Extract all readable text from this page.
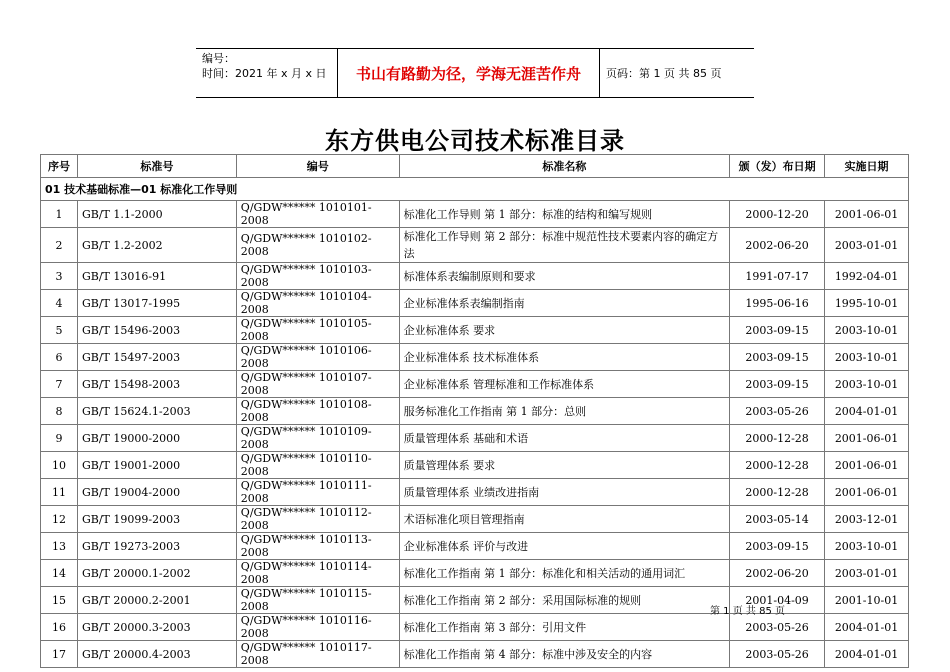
编号：
时间：2021 年 x 月 x 日	书山有路勤为径，学海无涯苦作舟	页码：第 1 页 共 85 页
东方供电公司技术标准目录
序号	标准号	编号	标准名称	颁（发）布日期	实施日期
01 技术基础标准—01 标准化工作导则					
1	GB/T 1.1-2000	Q/GDW****** 1010101-2008	标准化工作导则 第 1 部分：标准的结构和编写规则	2000-12-20	2001-06-01
2	GB/T 1.2-2002	Q/GDW****** 1010102-2008	标准化工作导则 第 2 部分：标准中规范性技术要素内容的确定方法	2002-06-20	2003-01-01
3	GB/T 13016-91	Q/GDW****** 1010103-2008	标准体系表编制原则和要求	1991-07-17	1992-04-01
4	GB/T 13017-1995	Q/GDW****** 1010104-2008	企业标准体系表编制指南	1995-06-16	1995-10-01
5	GB/T 15496-2003	Q/GDW****** 1010105-2008	企业标准体系 要求	2003-09-15	2003-10-01
6	GB/T 15497-2003	Q/GDW****** 1010106-2008	企业标准体系 技术标准体系	2003-09-15	2003-10-01
7	GB/T 15498-2003	Q/GDW****** 1010107-2008	企业标准体系 管理标准和工作标准体系	2003-09-15	2003-10-01
8	GB/T 15624.1-2003	Q/GDW****** 1010108-2008	服务标准化工作指南 第 1 部分：总则	2003-05-26	2004-01-01
9	GB/T 19000-2000	Q/GDW****** 1010109-2008	质量管理体系 基础和术语	2000-12-28	2001-06-01
10	GB/T 19001-2000	Q/GDW****** 1010110-2008	质量管理体系 要求	2000-12-28	2001-06-01
11	GB/T 19004-2000	Q/GDW****** 1010111-2008	质量管理体系 业绩改进指南	2000-12-28	2001-06-01
12	GB/T 19099-2003	Q/GDW****** 1010112-2008	术语标准化项目管理指南	2003-05-14	2003-12-01
13	GB/T 19273-2003	Q/GDW****** 1010113-2008	企业标准体系 评价与改进	2003-09-15	2003-10-01
14	GB/T 20000.1-2002	Q/GDW****** 1010114-2008	标准化工作指南 第 1 部分：标准化和相关活动的通用词汇	2002-06-20	2003-01-01
15	GB/T 20000.2-2001	Q/GDW****** 1010115-2008	标准化工作指南 第 2 部分：采用国际标准的规则	2001-04-09	2001-10-01
16	GB/T 20000.3-2003	Q/GDW****** 1010116-2008	标准化工作指南 第 3 部分：引用文件	2003-05-26	2004-01-01
17	GB/T 20000.4-2003	Q/GDW****** 1010117-2008	标准化工作指南 第 4 部分：标准中涉及安全的内容	2003-05-26	2004-01-01
第 1 页 共 85 页
